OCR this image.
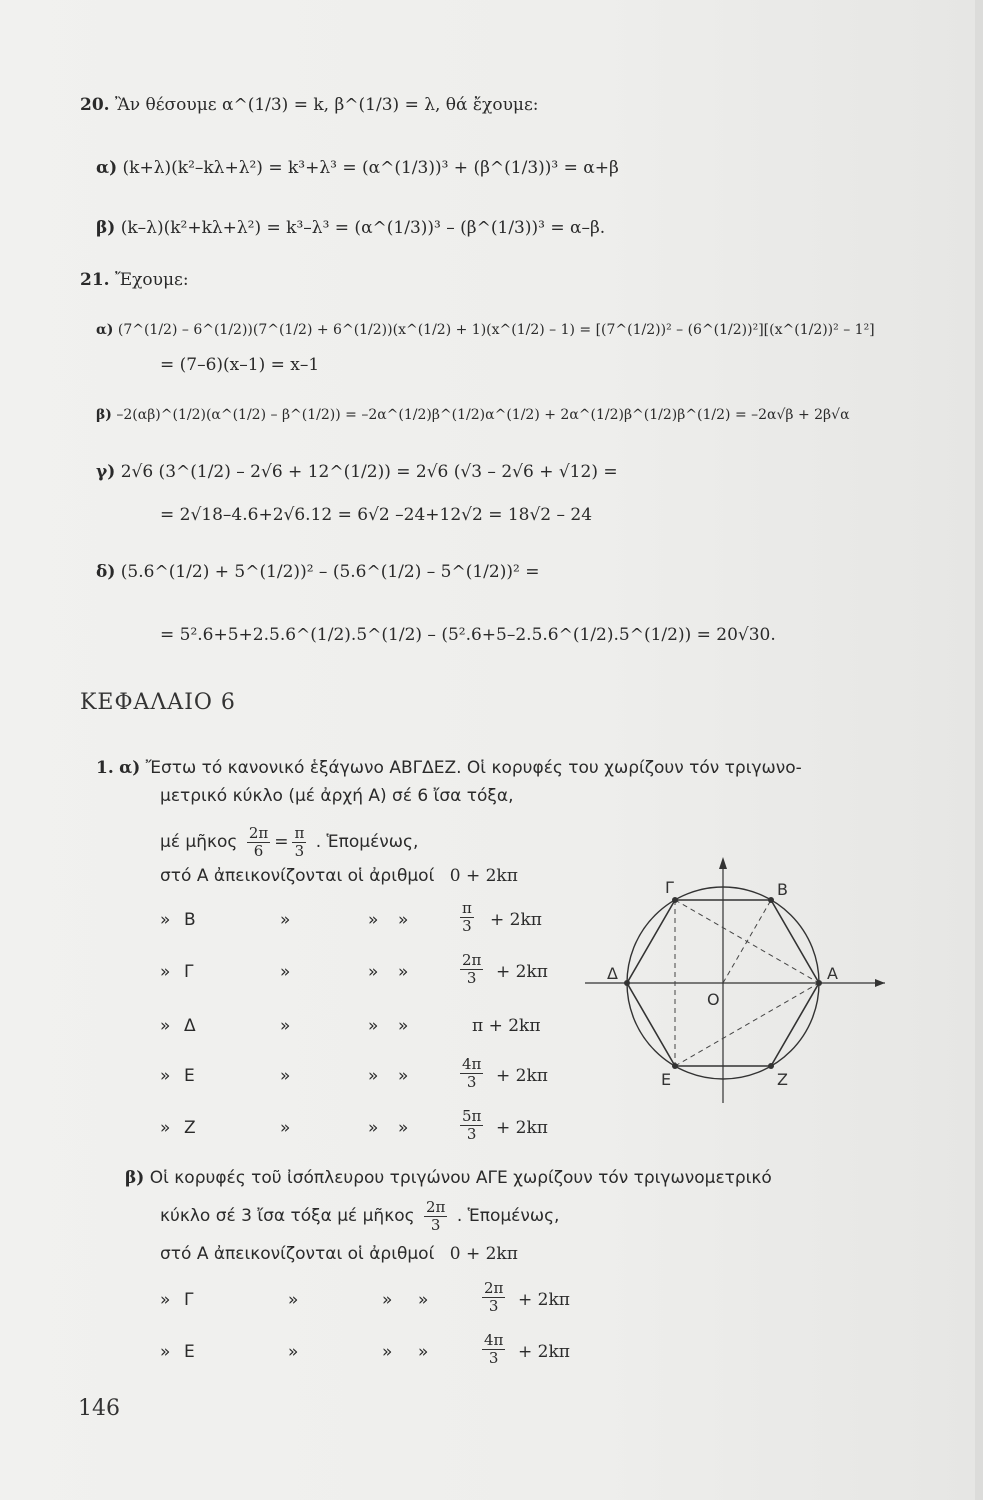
20. Ἂν θέσουμε α^(1/3) = k, β^(1/3) = λ, θά ἔχουμε:
α) (k+λ)(k²–kλ+λ²) = k³+λ³ = (α^(1/3))³ + (β^(1/3))³ = α+β
β) (k–λ)(k²+kλ+λ²) = k³–λ³ = (α^(1/3))³ – (β^(1/3))³ = α–β.
21. Ἔχουμε:
α) (7^(1/2) – 6^(1/2))(7^(1/2) + 6^(1/2))(x^(1/2) + 1)(x^(1/2) – 1) = [(7^(1/2))² – (6^(1/2))²][(x^(1/2))² – 1²]
= (7–6)(x–1) = x–1
β) –2(αβ)^(1/2)(α^(1/2) – β^(1/2)) = –2α^(1/2)β^(1/2)α^(1/2) + 2α^(1/2)β^(1/2)β^(1/2) = –2α√β + 2β√α
γ) 2√6 (3^(1/2) – 2√6 + 12^(1/2)) = 2√6 (√3 – 2√6 + √12) =
= 2√18–4.6+2√6.12 = 6√2 –24+12√2 = 18√2 – 24
δ) (5.6^(1/2) + 5^(1/2))² – (5.6^(1/2) – 5^(1/2))² =
= 5².6+5+2.5.6^(1/2).5^(1/2) – (5².6+5–2.5.6^(1/2).5^(1/2)) = 20√30.
ΚΕΦΑΛΑΙΟ 6
1. α) Ἔστω τό κανονικό ἑξάγωνο ΑΒΓΔΕΖ. Οἱ κορυφές του χωρίζουν τόν τριγωνο-
μετρικό κύκλο (μέ ἀρχή Α) σέ 6 ἴσα τόξα,
μέ μῆκος $\frac{2\pi}{6} = \frac{\pi}{3}$ . Ἑπομένως,
στό Α ἀπεικονίζονται οἱ ἀριθμοί 0 + 2kπ
» Β	»	» »	$\frac{\pi}{3} + 2k\pi$
» Γ	»	» »	$\frac{2\pi}{3} + 2k\pi$
» Δ	»	» »	π + 2kπ
» Ε	»	» »	$\frac{4\pi}{3} + 2k\pi$
» Ζ	»	» »	$\frac{5\pi}{3} + 2k\pi$
β) Οἱ κορυφές τοῦ ἰσόπλευρου τριγώνου ΑΓΕ χωρίζουν τόν τριγωνομετρικό
κύκλο σέ 3 ἴσα τόξα μέ μῆκος $\frac{2\pi}{3}$ . Ἑπομένως,
στό Α ἀπεικονίζονται οἱ ἀριθμοί 0 + 2kπ
» Γ	»	» »	$\frac{2\pi}{3} + 2k\pi$
» Ε	»	» »	$\frac{4\pi}{3} + 2k\pi$
Α
Β
Γ
Δ
Ε	Ζ
Ο
146
